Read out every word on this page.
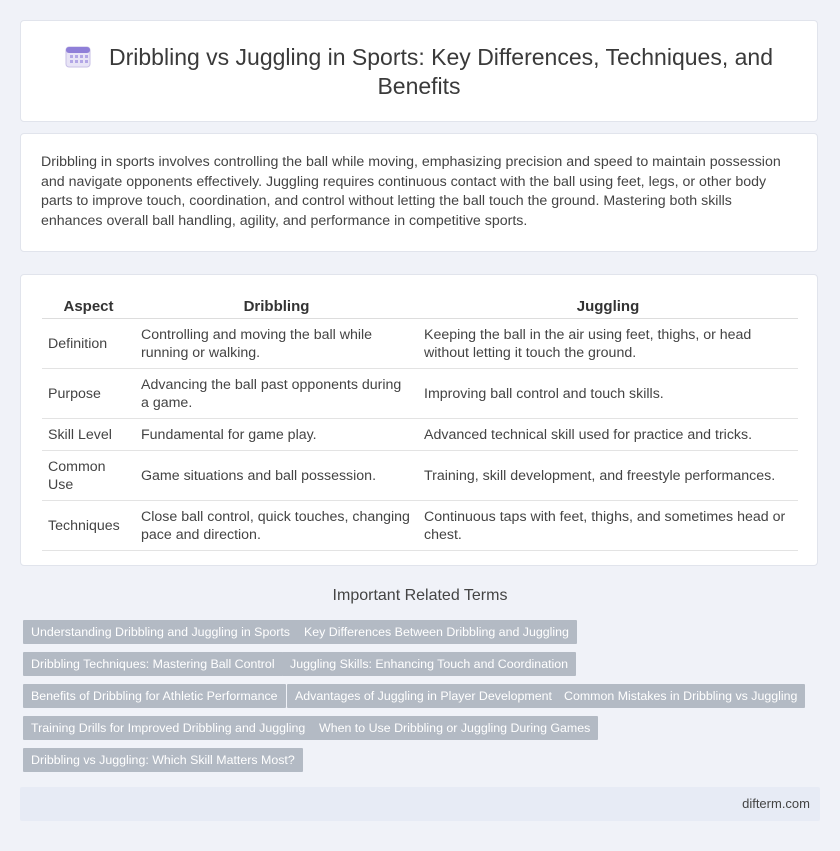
Dribbling vs Juggling in Sports: Key Differences, Techniques, and Benefits

Dribbling in sports involves controlling the ball while moving, emphasizing precision and speed to maintain possession and navigate opponents effectively. Juggling requires continuous contact with the ball using feet, legs, or other body parts to improve touch, coordination, and control without letting the ball touch the ground. Mastering both skills enhances overall ball handling, agility, and performance in competitive sports.

Aspect	Dribbling	Juggling
Definition	Controlling and moving the ball while running or walking.	Keeping the ball in the air using feet, thighs, or head without letting it touch the ground.
Purpose	Advancing the ball past opponents during a game.	Improving ball control and touch skills.
Skill Level	Fundamental for game play.	Advanced technical skill used for practice and tricks.
Common Use	Game situations and ball possession.	Training, skill development, and freestyle performances.
Techniques	Close ball control, quick touches, changing pace and direction.	Continuous taps with feet, thighs, and sometimes head or chest.
Important Related Terms
Understanding Dribbling and Juggling in Sports	Key Differences Between Dribbling and Juggling
Dribbling Techniques: Mastering Ball Control	Juggling Skills: Enhancing Touch and Coordination
Benefits of Dribbling for Athletic Performance	Advantages of Juggling in Player Development Common Mistakes in Dribbling vs Juggling
Training Drills for Improved Dribbling and Juggling	When to Use Dribbling or Juggling During Games
Dribbling vs Juggling: Which Skill Matters Most?
difterm.com
